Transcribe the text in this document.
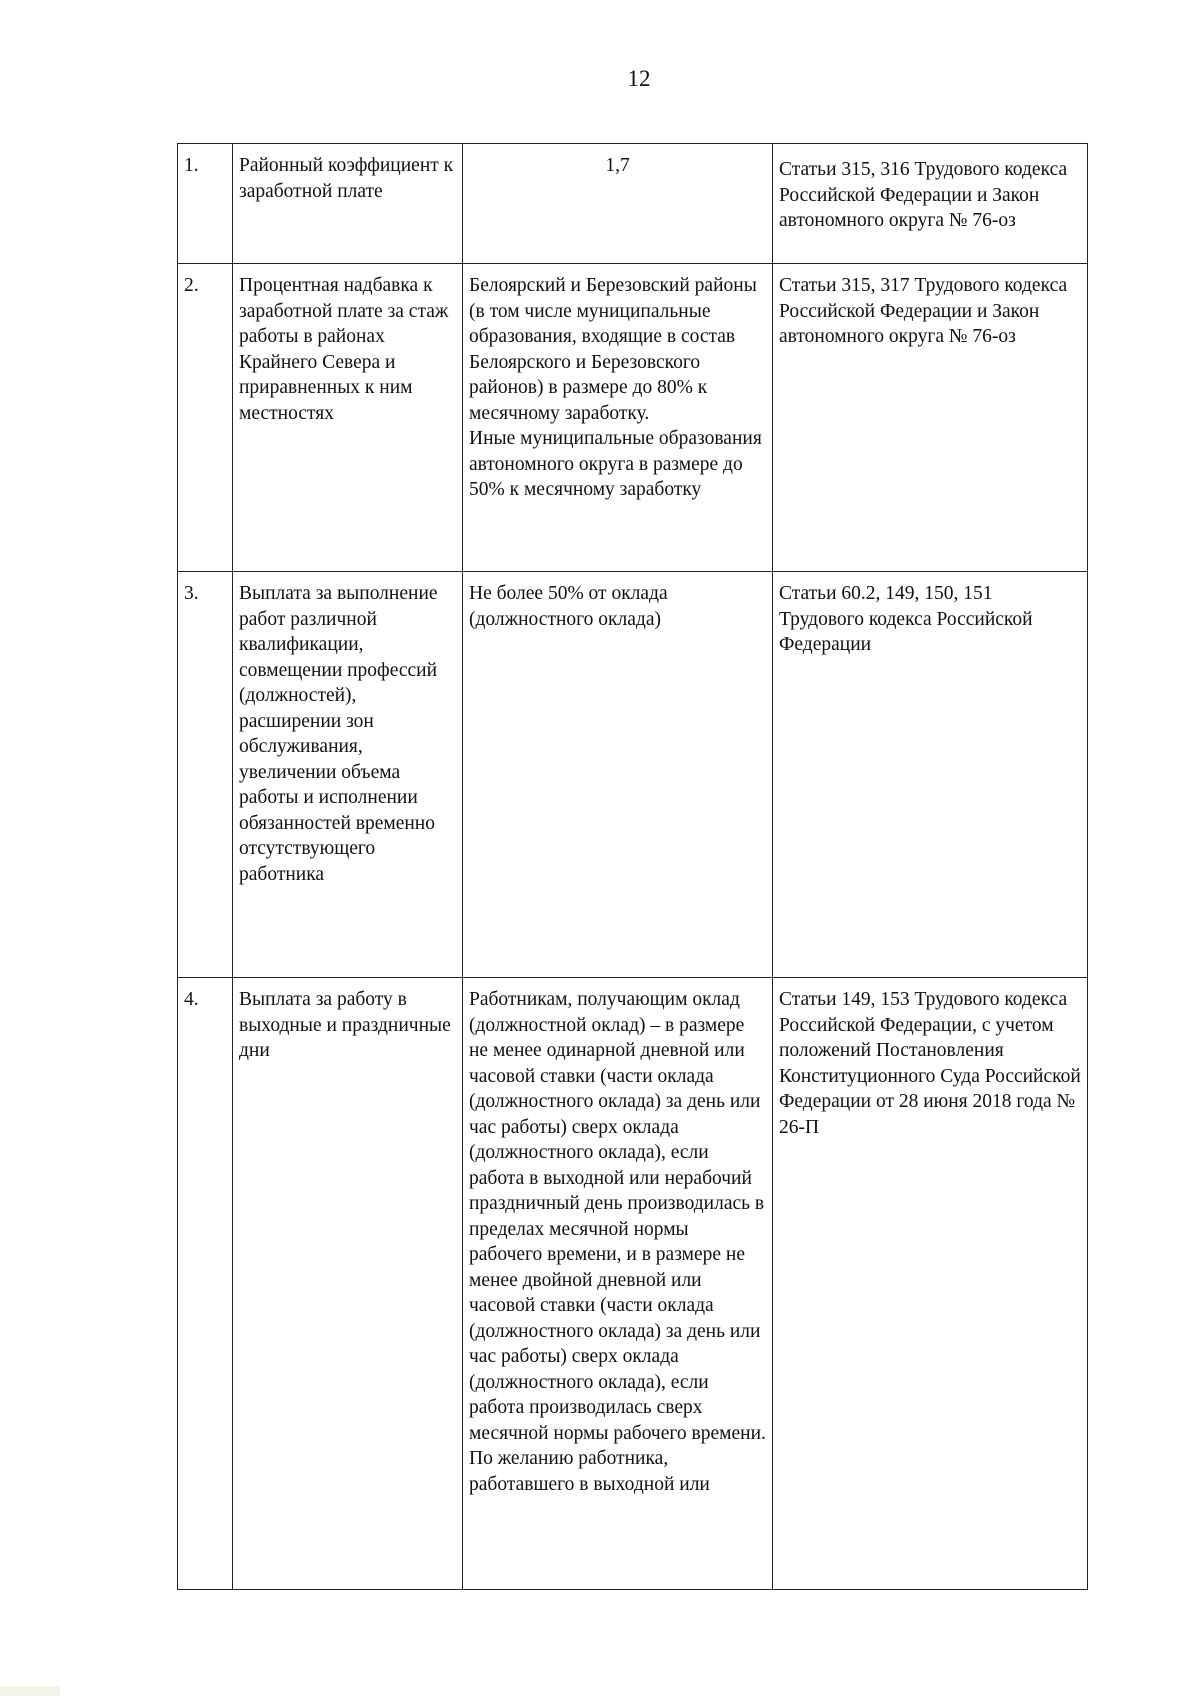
12
1.	Районный коэффициент к заработной плате	1,7	Статьи 315, 316 Трудового кодекса Российской Федерации и Закон автономного округа № 76-оз
2.	Процентная надбавка к заработной плате за стаж работы в районах Крайнего Севера и приравненных к ним местностях	Белоярский и Березовский районы (в том числе муниципальные образования, входящие в состав Белоярского и Березовского районов) в размере до 80% к месячному заработку.
Иные муниципальные образования автономного округа в размере до 50% к месячному заработку	Статьи 315, 317 Трудового кодекса Российской Федерации и Закон автономного округа № 76-оз
3.	Выплата за выполнение работ различной квалификации, совмещении профессий (должностей), расширении зон обслуживания, увеличении объема работы и исполнении обязанностей временно отсутствующего работника	Не более 50% от оклада (должностного оклада)	Статьи 60.2, 149, 150, 151 Трудового кодекса Российской Федерации
4.	Выплата за работу в выходные и праздничные дни	Работникам, получающим оклад (должностной оклад) – в размере не менее одинарной дневной или часовой ставки (части оклада (должностного оклада) за день или час работы) сверх оклада (должностного оклада), если работа в выходной или нерабочий праздничный день производилась в пределах месячной нормы рабочего времени, и в размере не менее двойной дневной или часовой ставки (части оклада (должностного оклада) за день или час работы) сверх оклада (должностного оклада), если работа производилась сверх месячной нормы рабочего времени.
По желанию работника, работавшего в выходной или	Статьи 149, 153 Трудового кодекса Российской Федерации, с учетом положений Постановления Конституционного Суда Российской Федерации от 28 июня 2018 года № 26-П
